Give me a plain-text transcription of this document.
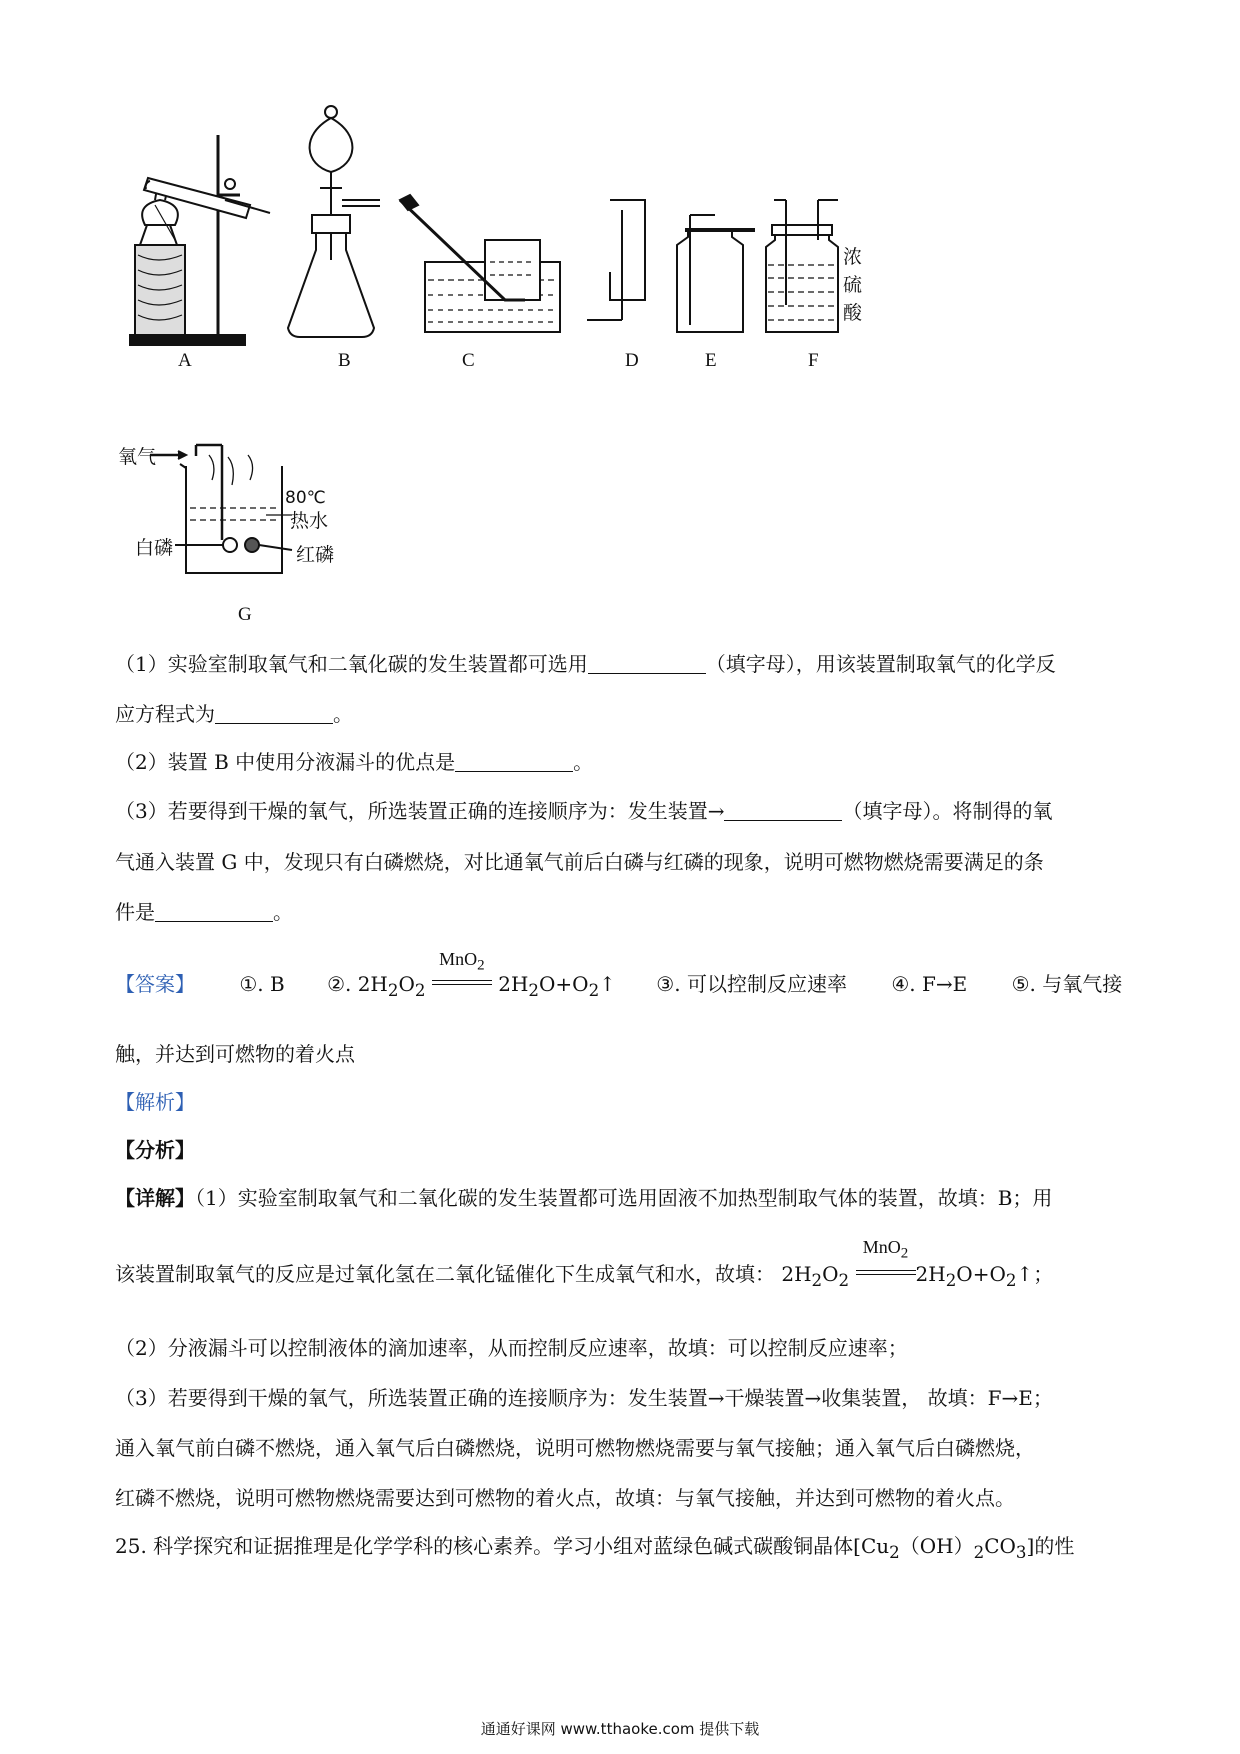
A	B	C	D	E	F
浓
硫
酸
氧气
80℃
热水
白磷	红磷
G
（1）实验室制取氧气和二氧化碳的发生装置都可选用	（填字母），用该装置制取氧气的化学反
应方程式为	。
（2）装置 B 中使用分液漏斗的优点是	。
（3）若要得到干燥的氧气，所选装置正确的连接顺序为：发生装置→	（填字母）。将制得的氧
气通入装置 G 中，发现只有白磷燃烧，对比通氧气前后白磷与红磷的现象，说明可燃物燃烧需要满足的条
件是	。
【答案】 ①. B ②. $2H_2O_2$
MnO$_2$
$2H_2O+O_2↑$ ③. 可以控制反应速率 ④. F→E ⑤. 与氧气接
触，并达到可燃物的着火点
【解析】
【分析】
【详解】（1）实验室制取氧气和二氧化碳的发生装置都可选用固液不加热型制取气体的装置，故填：B；用
该装置制取氧气的反应是过氧化氢在二氧化锰催化下生成氧气和水，故填： $2H_2O_2$
MnO$_2$
$2H_2O+O_2↑$；
（2）分液漏斗可以控制液体的滴加速率，从而控制反应速率，故填：可以控制反应速率；
（3）若要得到干燥的氧气，所选装置正确的连接顺序为：发生装置→干燥装置→收集装置， 故填：F→E；
通入氧气前白磷不燃烧，通入氧气后白磷燃烧，说明可燃物燃烧需要与氧气接触；通入氧气后白磷燃烧，
红磷不燃烧，说明可燃物燃烧需要达到可燃物的着火点，故填：与氧气接触，并达到可燃物的着火点。
25. 科学探究和证据推理是化学学科的核心素养。学习小组对蓝绿色碱式碳酸铜晶体$[Cu_2(OH)_2CO_3]$的性
通通好课网 www.tthaoke.com 提供下载
